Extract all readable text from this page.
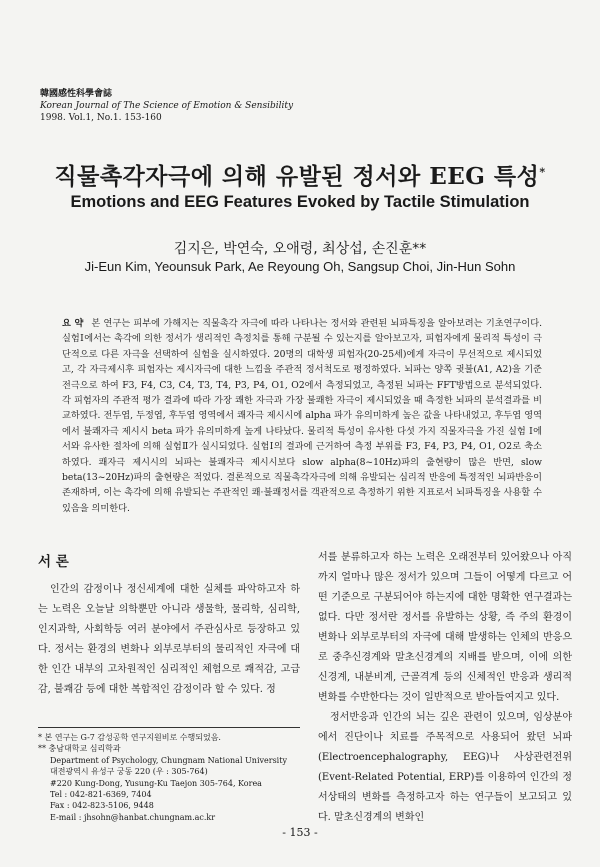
韓國感性科學會誌
Korean Journal of The Science of Emotion & Sensibility
1998. Vol.1, No.1. 153-160
직물촉각자극에 의해 유발된 정서와 EEG 특성*
Emotions and EEG Features Evoked by Tactile Stimulation
김지은, 박연숙, 오애령, 최상섭, 손진훈**
Ji-Eun Kim, Yeounsuk Park, Ae Reyoung Oh, Sangsup Choi, Jin-Hun Sohn
요 약 본 연구는 피부에 가해지는 직물촉각 자극에 따라 나타나는 정서와 관련된 뇌파특징을 알아보려는 기초연구이다. 실험Ⅰ에서는 촉각에 의한 정서가 생리적인 측정치를 통해 구분될 수 있는지를 알아보고자, 피험자에게 물리적 특성이 극단적으로 다른 자극을 선택하여 실험을 실시하였다. 20명의 대학생 피험자(20-25세)에게 자극이 무선적으로 제시되었고, 각 자극제시후 피험자는 제시자극에 대한 느낌을 주관적 정서척도로 평정하였다. 뇌파는 양쪽 귓불(A1, A2)을 기준전극으로 하여 F3, F4, C3, C4, T3, T4, P3, P4, O1, O2에서 측정되었고, 측정된 뇌파는 FFT방법으로 분석되었다. 각 피험자의 주관적 평가 결과에 따라 가장 쾌한 자극과 가장 불쾌한 자극이 제시되었을 때 측정한 뇌파의 분석결과를 비교하였다. 전두엽, 두정엽, 후두엽 영역에서 쾌자극 제시시에 alpha 파가 유의미하게 높은 값을 나타내었고, 후두엽 영역에서 불쾌자극 제시시 beta 파가 유의미하게 높게 나타났다. 물리적 특성이 유사한 다섯 가지 직물자극을 가진 실험 Ⅰ에서와 유사한 절차에 의해 실험Ⅱ가 실시되었다. 실험Ⅰ의 결과에 근거하여 측정 부위를 F3, F4, P3, P4, O1, O2로 축소하였다. 쾌자극 제시시의 뇌파는 불쾌자극 제시시보다 slow alpha(8~10Hz)파의 출현량이 많은 반면, slow beta(13~20Hz)파의 출현량은 적었다. 결론적으로 직물촉각자극에 의해 유발되는 심리적 반응에 특정적인 뇌파반응이 존재하며, 이는 촉각에 의해 유발되는 주관적인 쾌·불쾌정서를 객관적으로 측정하기 위한 지표로서 뇌파특징을 사용할 수 있음을 의미한다.
서 론

인간의 감정이나 정신세계에 대한 실체를 파악하고자 하는 노력은 오늘날 의학뿐만 아니라 생물학, 물리학, 심리학, 인지과학, 사회학등 여러 분야에서 주관심사로 등장하고 있다. 정서는 환경의 변화나 외부로부터의 물리적인 자극에 대한 인간 내부의 고차원적인 심리적인 체험으로 쾌적감, 고급감, 불쾌감 등에 대한 복합적인 감정이라 할 수 있다. 정

* 본 연구는 G-7 감성공학 연구지원비로 수행되었음.

** 충남대학교 심리학과

Department of Psychology, Chungnam National University

대전광역시 유성구 궁동 220 (우 : 305-764)

#220 Kung-Dong, Yusung-Ku Taejon 305-764, Korea

Tel : 042-821-6369, 7404

Fax : 042-823-5106, 9448

E-mail : jhsohn@hanbat.chungnam.ac.kr

서를 분류하고자 하는 노력은 오래전부터 있어왔으나 아직까지 얼마나 많은 정서가 있으며 그들이 어떻게 다르고 어떤 기준으로 구분되어야 하는지에 대한 명확한 연구결과는 없다. 다만 정서란 정서를 유발하는 상황, 즉 주의 환경이 변화나 외부로부터의 자극에 대해 발생하는 인체의 반응으로 중추신경계와 말초신경계의 지배를 받으며, 이에 의한 신경계, 내분비계, 근골격계 등의 신체적인 반응과 생리적 변화를 수반한다는 것이 일반적으로 받아들여지고 있다.

정서반응과 인간의 뇌는 깊은 관련이 있으며, 임상분야에서 진단이나 치료를 주목적으로 사용되어 왔던 뇌파(Electroencephalography, EEG)나 사상관련전위 (Event-Related Potential, ERP)를 이용하여 인간의 정서상태의 변화를 측정하고자 하는 연구들이 보고되고 있다. 말초신경계의 변화인

- 153 -
